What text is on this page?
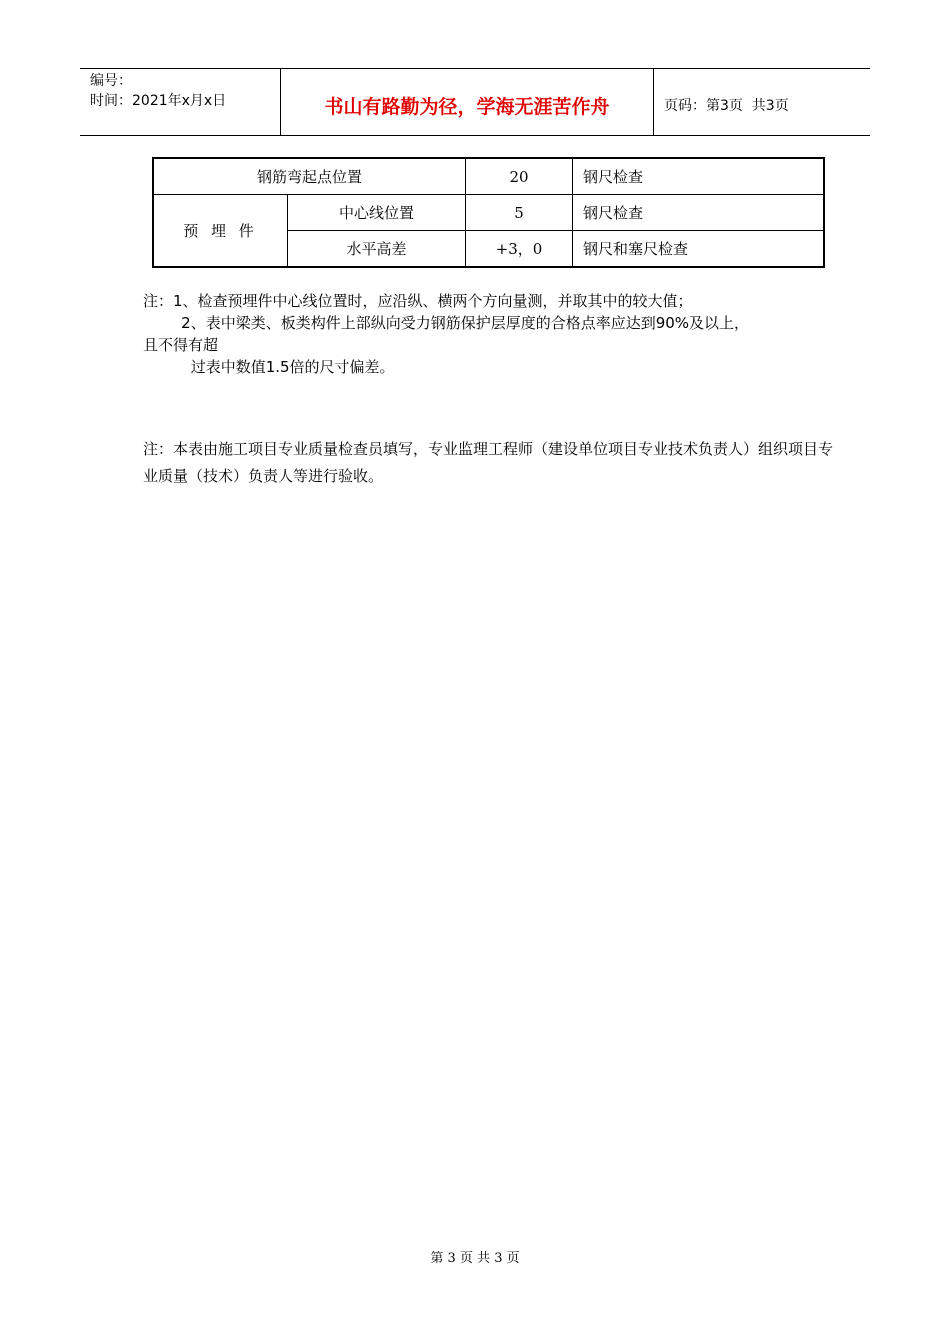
编号：
时间：2021年x月x日	书山有路勤为径，学海无涯苦作舟	页码：第3页  共3页
钢筋弯起点位置		20	钢尺检查
预 埋 件	中心线位置	5	钢尺检查
	水平高差	+3，0	钢尺和塞尺检查

注：1、检查预埋件中心线位置时，应沿纵、横两个方向量测，并取其中的较大值；

2、表中梁类、板类构件上部纵向受力钢筋保护层厚度的合格点率应达到90%及以上，

且不得有超

过表中数值1.5倍的尺寸偏差。

注：本表由施工项目专业质量检查员填写，专业监理工程师（建设单位项目专业技术负责人）组织项目专业质量（技术）负责人等进行验收。
第 3 页 共 3 页
